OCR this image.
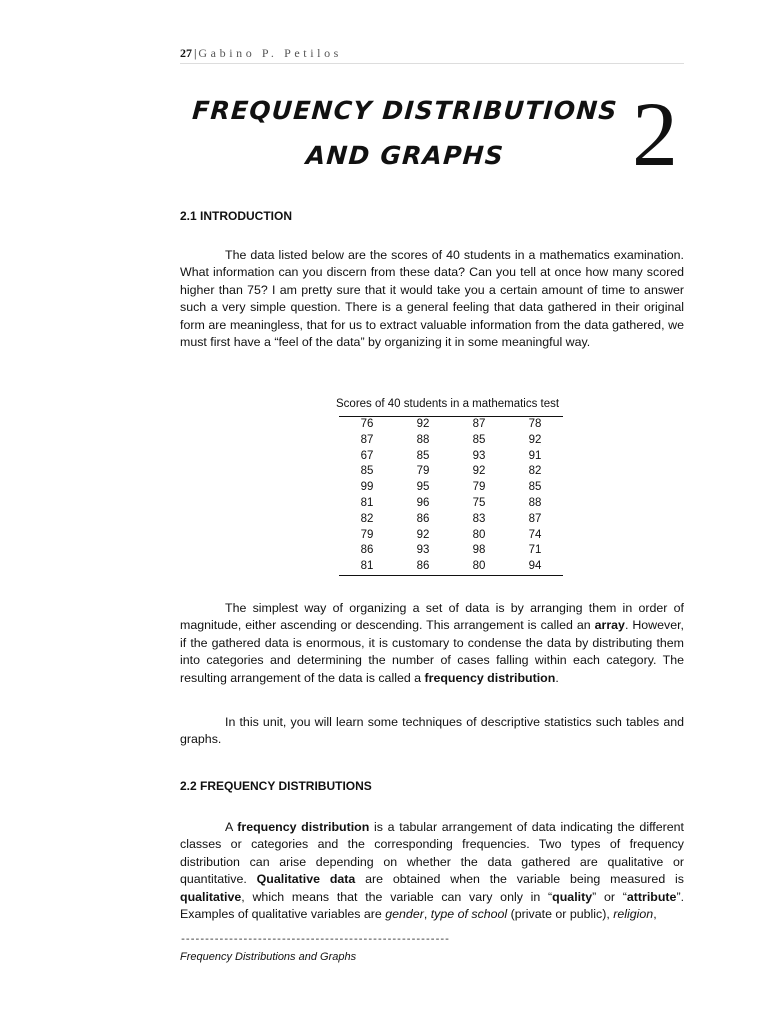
27 | Gabino P. Petilos
FREQUENCY DISTRIBUTIONS
AND GRAPHS	2
2.1 INTRODUCTION
The data listed below are the scores of 40 students in a mathematics examination. What information can you discern from these data? Can you tell at once how many scored higher than 75? I am pretty sure that it would take you a certain amount of time to answer such a very simple question. There is a general feeling that data gathered in their original form are meaningless, that for us to extract valuable information from the data gathered, we must first have a “feel of the data” by organizing it in some meaningful way.
Scores of 40 students in a mathematics test
76	92	87	78
87	88	85	92
67	85	93	91
85	79	92	82
99	95	79	85
81	96	75	88
82	86	83	87
79	92	80	74
86	93	98	71
81	86	80	94
The simplest way of organizing a set of data is by arranging them in order of magnitude, either ascending or descending. This arrangement is called an array. However, if the gathered data is enormous, it is customary to condense the data by distributing them into categories and determining the number of cases falling within each category. The resulting arrangement of the data is called a frequency distribution.
In this unit, you will learn some techniques of descriptive statistics such tables and graphs.
2.2 FREQUENCY DISTRIBUTIONS
A frequency distribution is a tabular arrangement of data indicating the different classes or categories and the corresponding frequencies. Two types of frequency distribution can arise depending on whether the data gathered are qualitative or quantitative. Qualitative data are obtained when the variable being measured is qualitative, which means that the variable can vary only in “quality” or “attribute”. Examples of qualitative variables are gender, type of school (private or public), religion,
--------------------------------------------------------
Frequency Distributions and Graphs
